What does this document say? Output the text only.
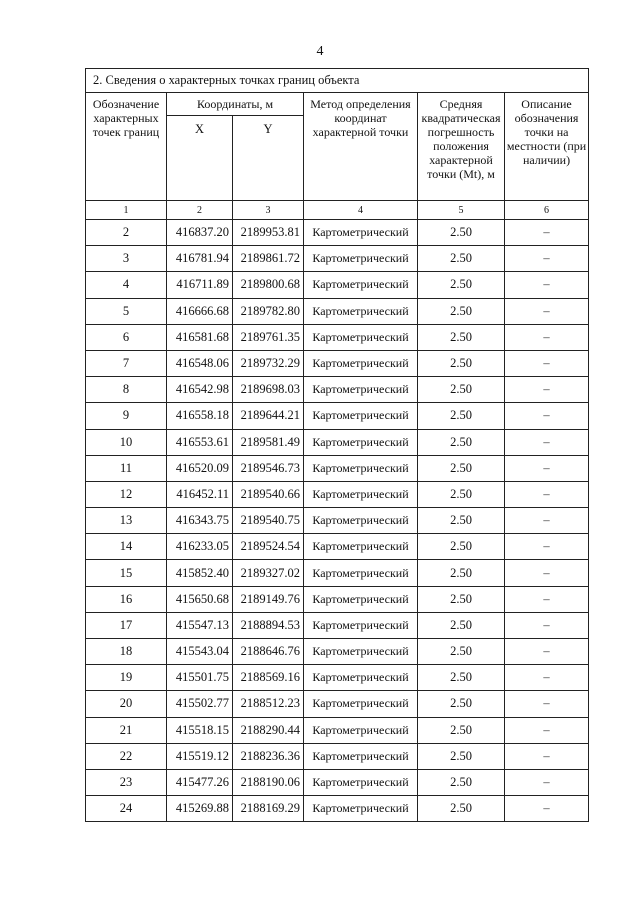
4
2. Сведения о характерных точках границ объекта					
Обозначение характерных точек границ	Координаты, м		Метод определения координат характерной точки	Средняя квадратическая погрешность положения характерной точки (Mt), м	Описание обозначения точки на местности (при наличии)
	X	Y			
1	2	3	4	5	6
2	416837.20	2189953.81	Картометрический	2.50	–
3	416781.94	2189861.72	Картометрический	2.50	–
4	416711.89	2189800.68	Картометрический	2.50	–
5	416666.68	2189782.80	Картометрический	2.50	–
6	416581.68	2189761.35	Картометрический	2.50	–
7	416548.06	2189732.29	Картометрический	2.50	–
8	416542.98	2189698.03	Картометрический	2.50	–
9	416558.18	2189644.21	Картометрический	2.50	–
10	416553.61	2189581.49	Картометрический	2.50	–
11	416520.09	2189546.73	Картометрический	2.50	–
12	416452.11	2189540.66	Картометрический	2.50	–
13	416343.75	2189540.75	Картометрический	2.50	–
14	416233.05	2189524.54	Картометрический	2.50	–
15	415852.40	2189327.02	Картометрический	2.50	–
16	415650.68	2189149.76	Картометрический	2.50	–
17	415547.13	2188894.53	Картометрический	2.50	–
18	415543.04	2188646.76	Картометрический	2.50	–
19	415501.75	2188569.16	Картометрический	2.50	–
20	415502.77	2188512.23	Картометрический	2.50	–
21	415518.15	2188290.44	Картометрический	2.50	–
22	415519.12	2188236.36	Картометрический	2.50	–
23	415477.26	2188190.06	Картометрический	2.50	–
24	415269.88	2188169.29	Картометрический	2.50	–
